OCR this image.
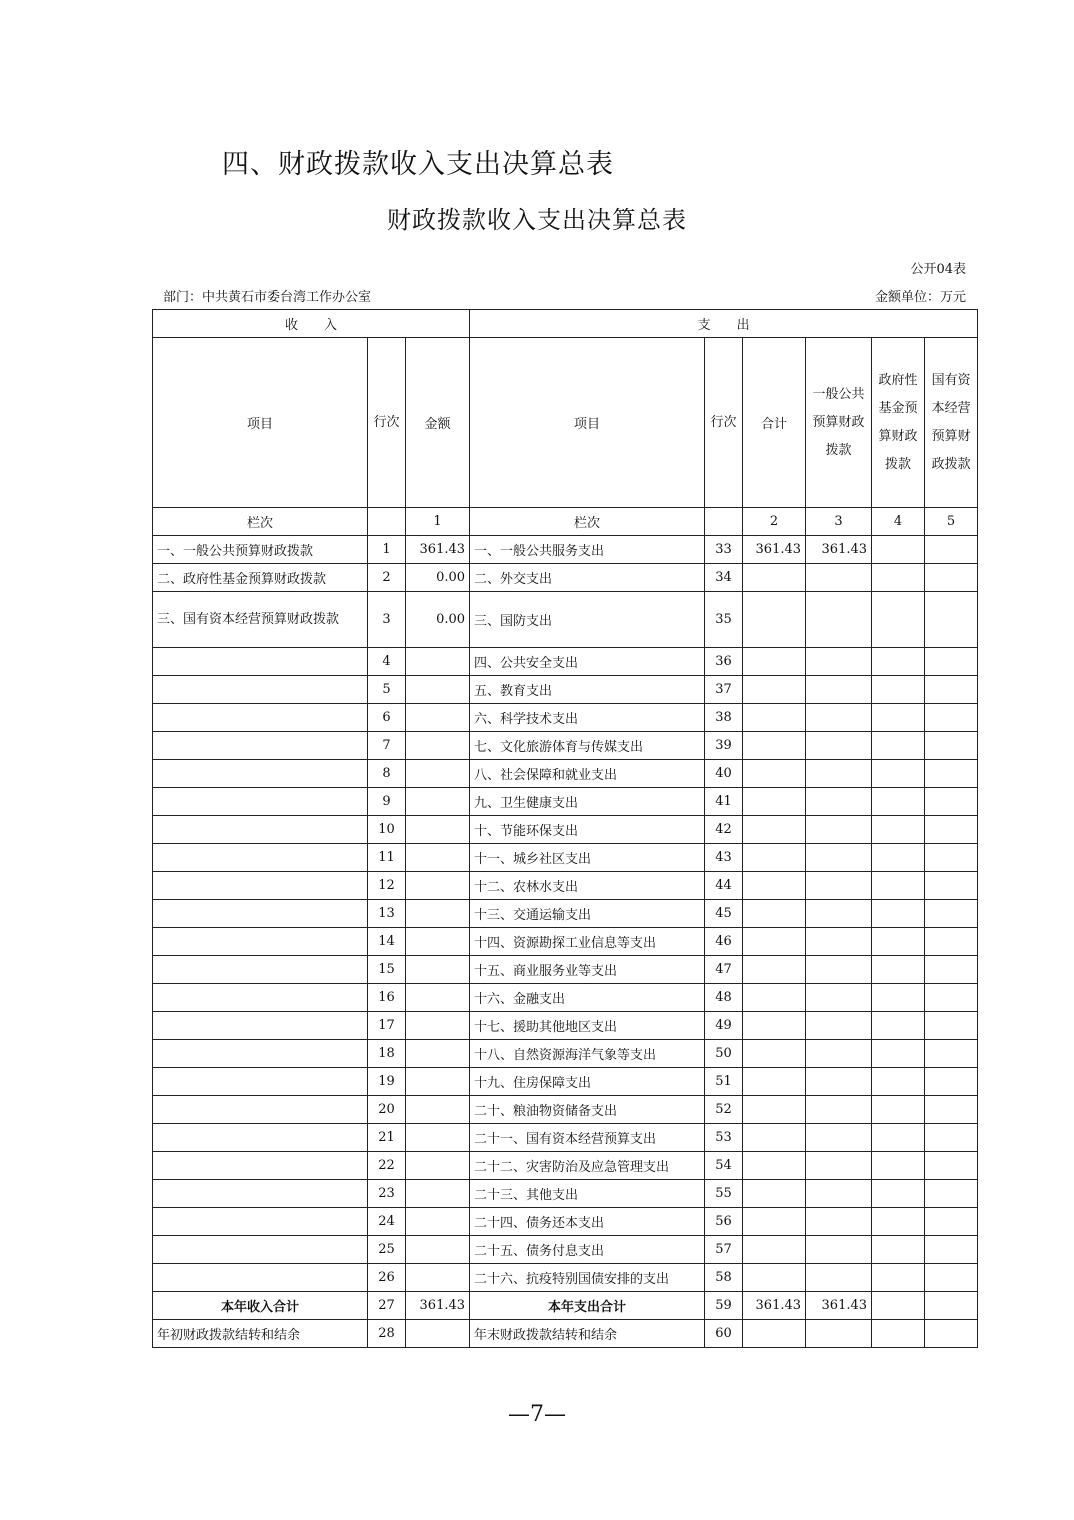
四、财政拨款收入支出决算总表
财政拨款收入支出决算总表
公开04表
部门：中共黄石市委台湾工作办公室	金额单位：万元
收　　入			支　　出					
项目	行次	金额	项目	行次	合计	一般公共预算财政拨款	政府性基金预算财政拨款	国有资本经营预算财政拨款
栏次		1	栏次		2	3	4	5
一、一般公共预算财政拨款	1	361.43	一、一般公共服务支出	33	361.43	361.43		
二、政府性基金预算财政拨款	2	0.00	二、外交支出	34				
三、国有资本经营预算财政拨款	3	0.00	三、国防支出	35				
	4		四、公共安全支出	36				
	5		五、教育支出	37				
	6		六、科学技术支出	38				
	7		七、文化旅游体育与传媒支出	39				
	8		八、社会保障和就业支出	40				
	9		九、卫生健康支出	41				
	10		十、节能环保支出	42				
	11		十一、城乡社区支出	43				
	12		十二、农林水支出	44				
	13		十三、交通运输支出	45				
	14		十四、资源勘探工业信息等支出	46				
	15		十五、商业服务业等支出	47				
	16		十六、金融支出	48				
	17		十七、援助其他地区支出	49				
	18		十八、自然资源海洋气象等支出	50				
	19		十九、住房保障支出	51				
	20		二十、粮油物资储备支出	52				
	21		二十一、国有资本经营预算支出	53				
	22		二十二、灾害防治及应急管理支出	54				
	23		二十三、其他支出	55				
	24		二十四、债务还本支出	56				
	25		二十五、债务付息支出	57				
	26		二十六、抗疫特别国债安排的支出	58				
本年收入合计	27	361.43	本年支出合计	59	361.43	361.43		
年初财政拨款结转和结余	28		年末财政拨款结转和结余	60				
—7—
